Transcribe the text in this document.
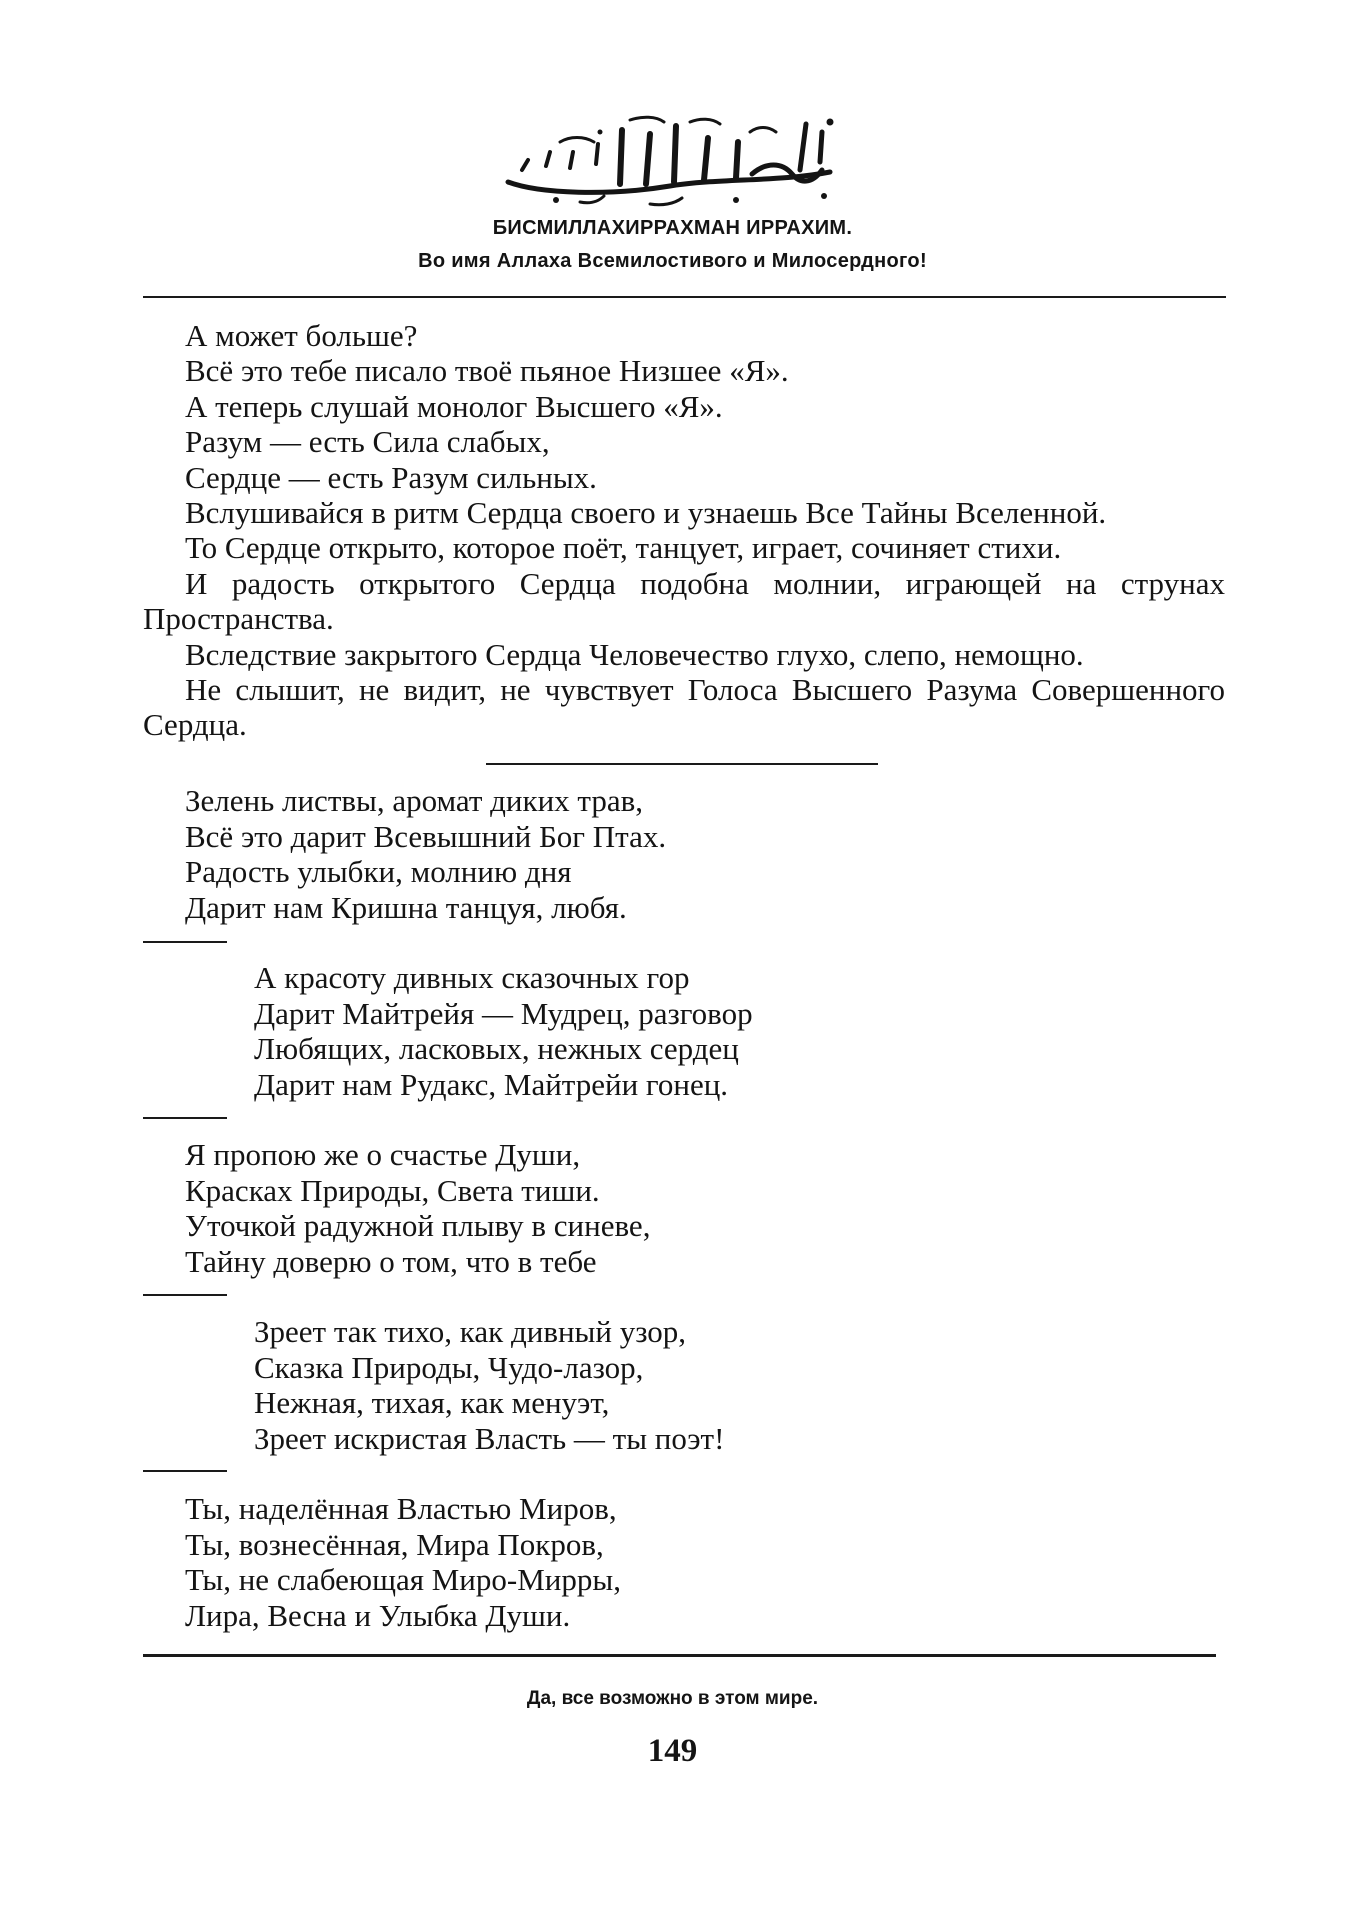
БИСМИЛЛАХИРРАХМАН ИРРАХИМ.
Во имя Аллаха Всемилостивого и Милосердного!

А может больше?

Всё это тебе писало твоё пьяное Низшее «Я».

А теперь слушай монолог Высшего «Я».

Разум — есть Сила слабых,

Сердце — есть Разум сильных.

Вслушивайся в ритм Сердца своего и узнаешь Все Тайны Вселенной.

То Сердце открыто, которое поёт, танцует, играет, сочиняет стихи.

И радость открытого Сердца подобна молнии, играющей на струнах Пространства.

Вследствие закрытого Сердца Человечество глухо, слепо, немощно.

Не слышит, не видит, не чувствует Голоса Высшего Разума Совершенного Сердца.

Зелень листвы, аромат диких трав,
Всё это дарит Всевышний Бог Птах.
Радость улыбки, молнию дня
Дарит нам Кришна танцуя, любя.
А красоту дивных сказочных гор
Дарит Майтрейя — Мудрец, разговор
Любящих, ласковых, нежных сердец
Дарит нам Рудакс, Майтрейи гонец.
Я пропою же о счастье Души,
Красках Природы, Света тиши.
Уточкой радужной плыву в синеве,
Тайну доверю о том, что в тебе
Зреет так тихо, как дивный узор,
Сказка Природы, Чудо-лазор,
Нежная, тихая, как менуэт,
Зреет искристая Власть — ты поэт!
Ты, наделённая Властью Миров,
Ты, вознесённая, Мира Покров,
Ты, не слабеющая Миро-Мирры,
Лира, Весна и Улыбка Души.
Да, все возможно в этом мире.
149
